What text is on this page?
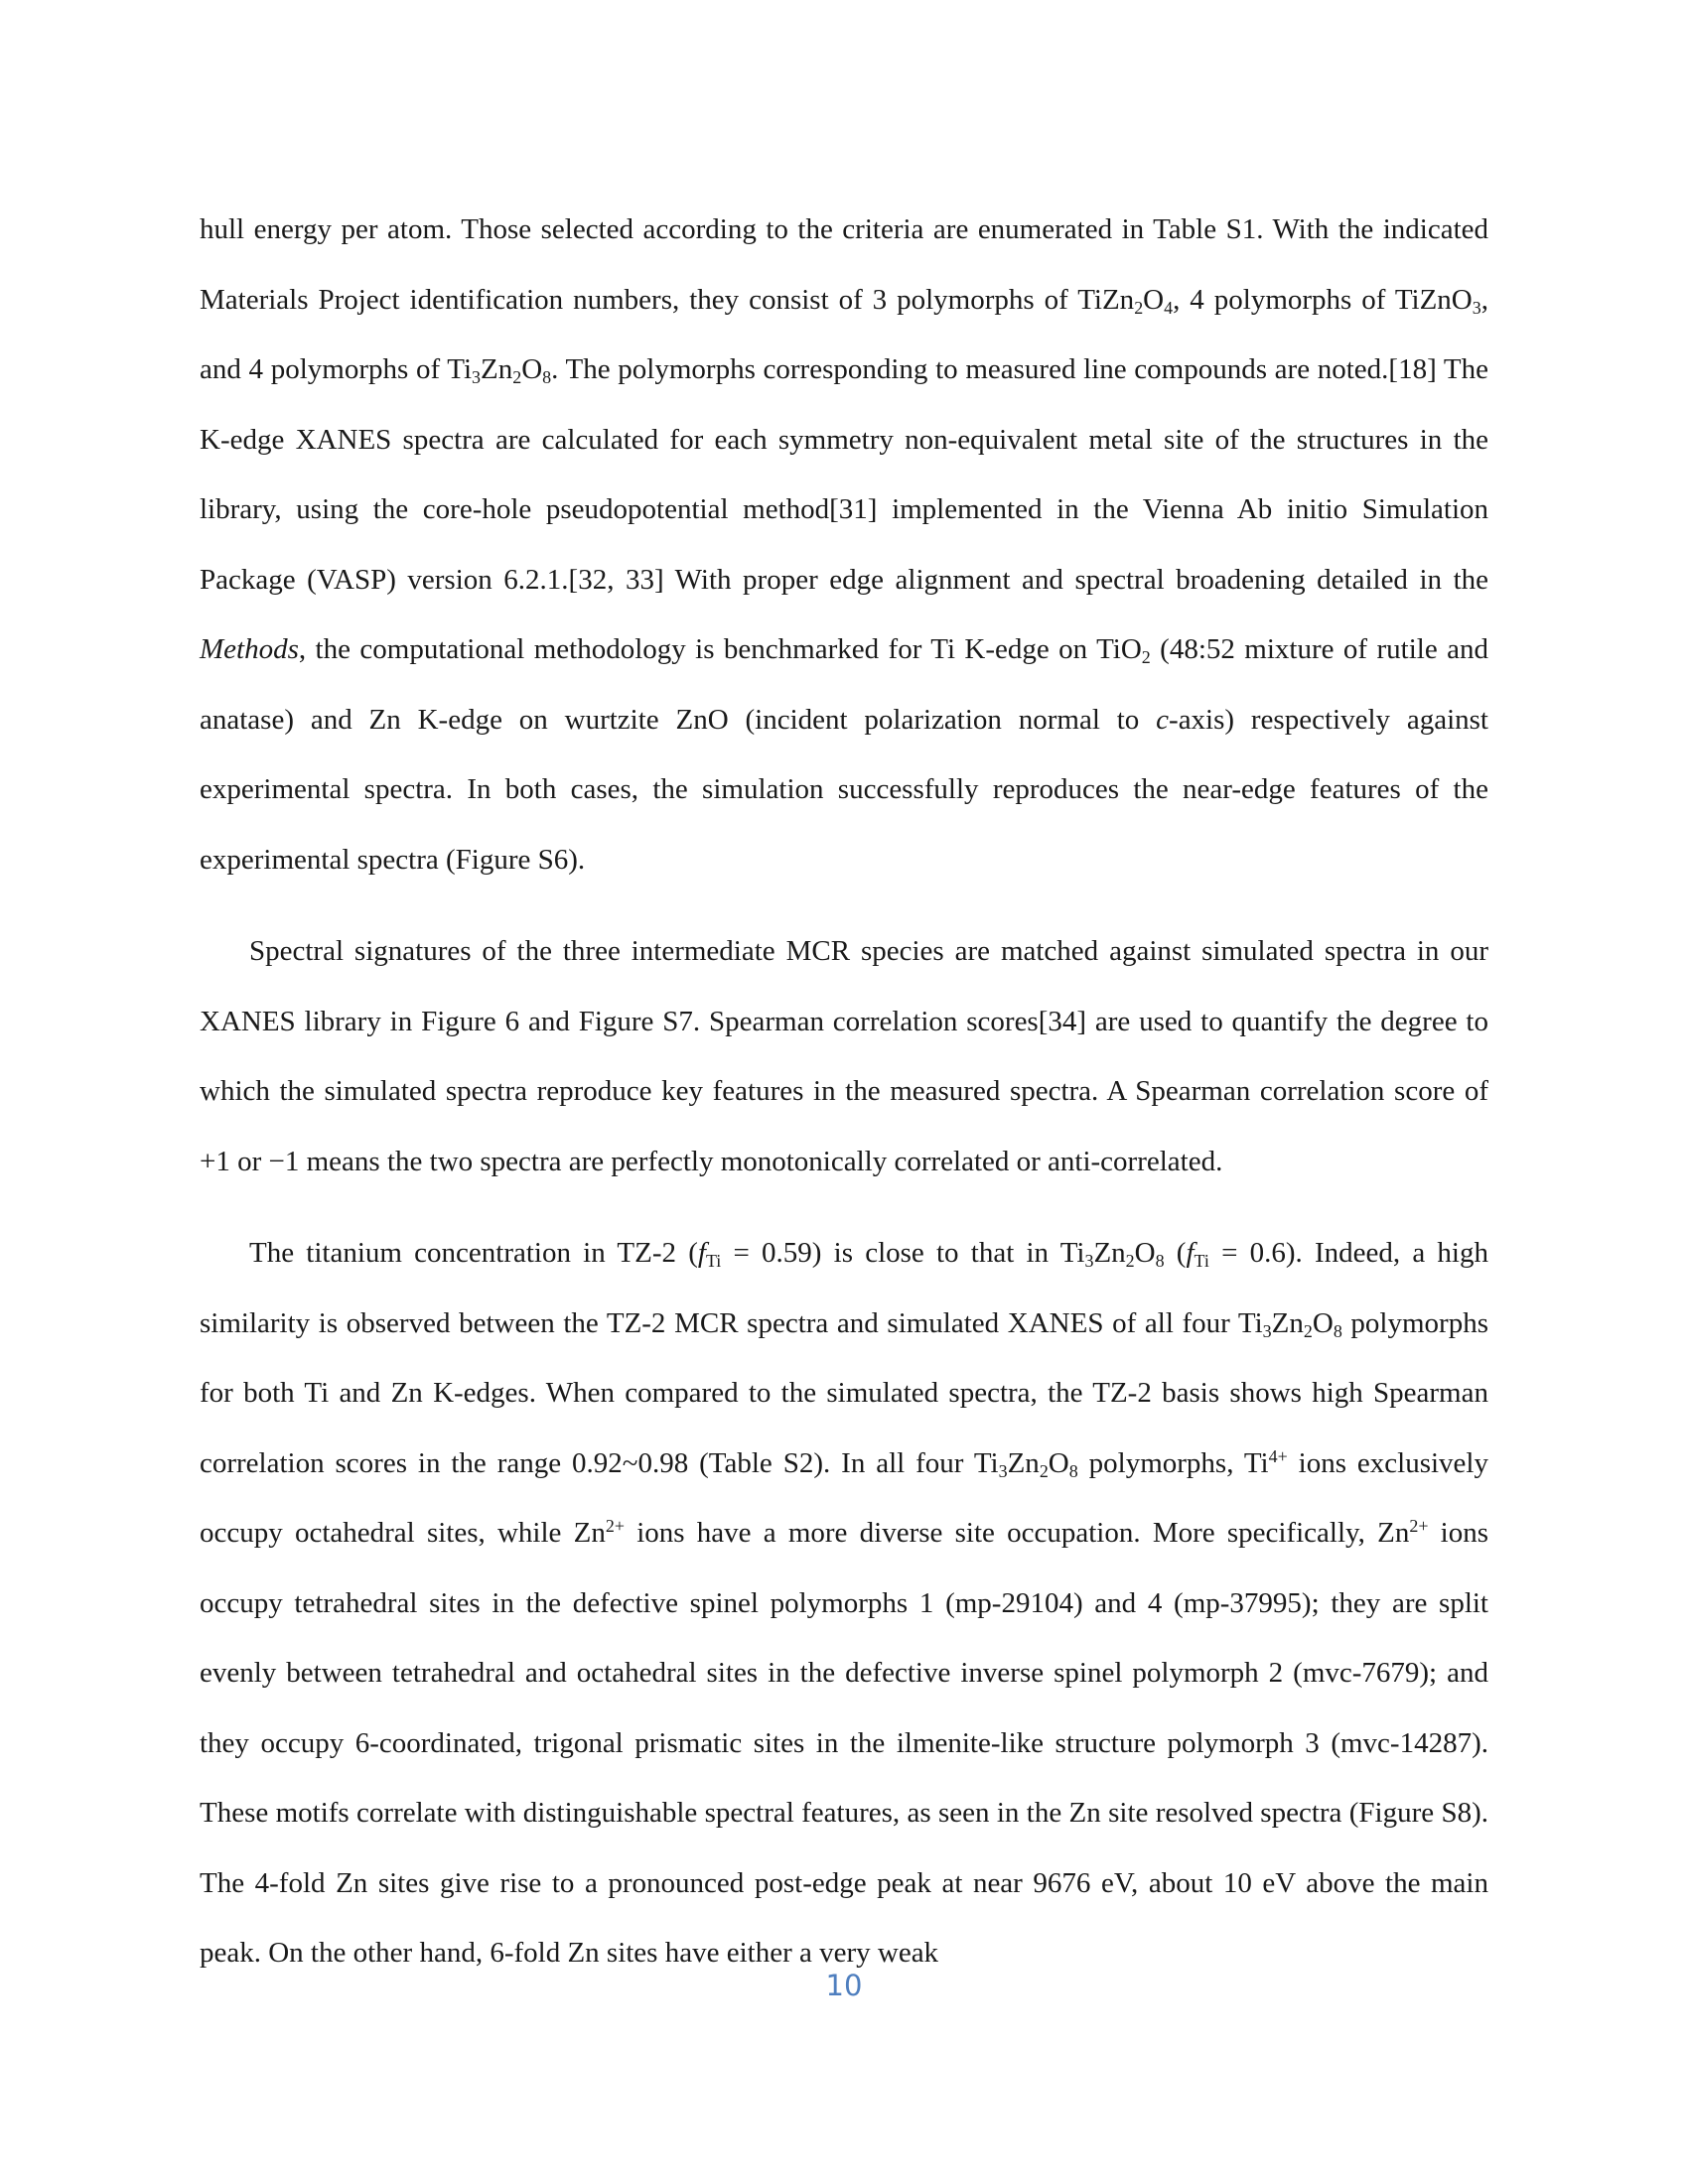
hull energy per atom. Those selected according to the criteria are enumerated in Table S1. With the indicated Materials Project identification numbers, they consist of 3 polymorphs of $TiZn_2O_4$, 4 polymorphs of TiZnO$_3$, and 4 polymorphs of $Ti_3Zn_2O_8$. The polymorphs corresponding to measured line compounds are noted.[18] The K-edge XANES spectra are calculated for each symmetry non-equivalent metal site of the structures in the library, using the core-hole pseudopotential method[31] implemented in the Vienna Ab initio Simulation Package (VASP) version 6.2.1.[32, 33] With proper edge alignment and spectral broadening detailed in the Methods, the computational methodology is benchmarked for Ti K-edge on TiO$_2$ (48:52 mixture of rutile and anatase) and Zn K-edge on wurtzite ZnO (incident polarization normal to c-axis) respectively against experimental spectra. In both cases, the simulation successfully reproduces the near-edge features of the experimental spectra (Figure S6).

Spectral signatures of the three intermediate MCR species are matched against simulated spectra in our XANES library in Figure 6 and Figure S7. Spearman correlation scores[34] are used to quantify the degree to which the simulated spectra reproduce key features in the measured spectra. A Spearman correlation score of +1 or −1 means the two spectra are perfectly monotonically correlated or anti-correlated.

The titanium concentration in TZ-2 $(f_{Ti} = 0.59)$ is close to that in $Ti_3Zn_2O_8$ $(f_{Ti} = 0.6)$. Indeed, a high similarity is observed between the TZ-2 MCR spectra and simulated XANES of all four $Ti_3Zn_2O_8$ polymorphs for both Ti and Zn K-edges. When compared to the simulated spectra, the TZ-2 basis shows high Spearman correlation scores in the range 0.92~0.98 (Table S2). In all four $Ti_3Zn_2O_8$ polymorphs, $Ti^{4+}$ ions exclusively occupy octahedral sites, while $Zn^{2+}$ ions have a more diverse site occupation. More specifically, $Zn^{2+}$ ions occupy tetrahedral sites in the defective spinel polymorphs 1 (mp-29104) and 4 (mp-37995); they are split evenly between tetrahedral and octahedral sites in the defective inverse spinel polymorph 2 (mvc-7679); and they occupy 6-coordinated, trigonal prismatic sites in the ilmenite-like structure polymorph 3 (mvc-14287). These motifs correlate with distinguishable spectral features, as seen in the Zn site resolved spectra (Figure S8). The 4-fold Zn sites give rise to a pronounced post-edge peak at near 9676 eV, about 10 eV above the main peak. On the other hand, 6-fold Zn sites have either a very weak

10
